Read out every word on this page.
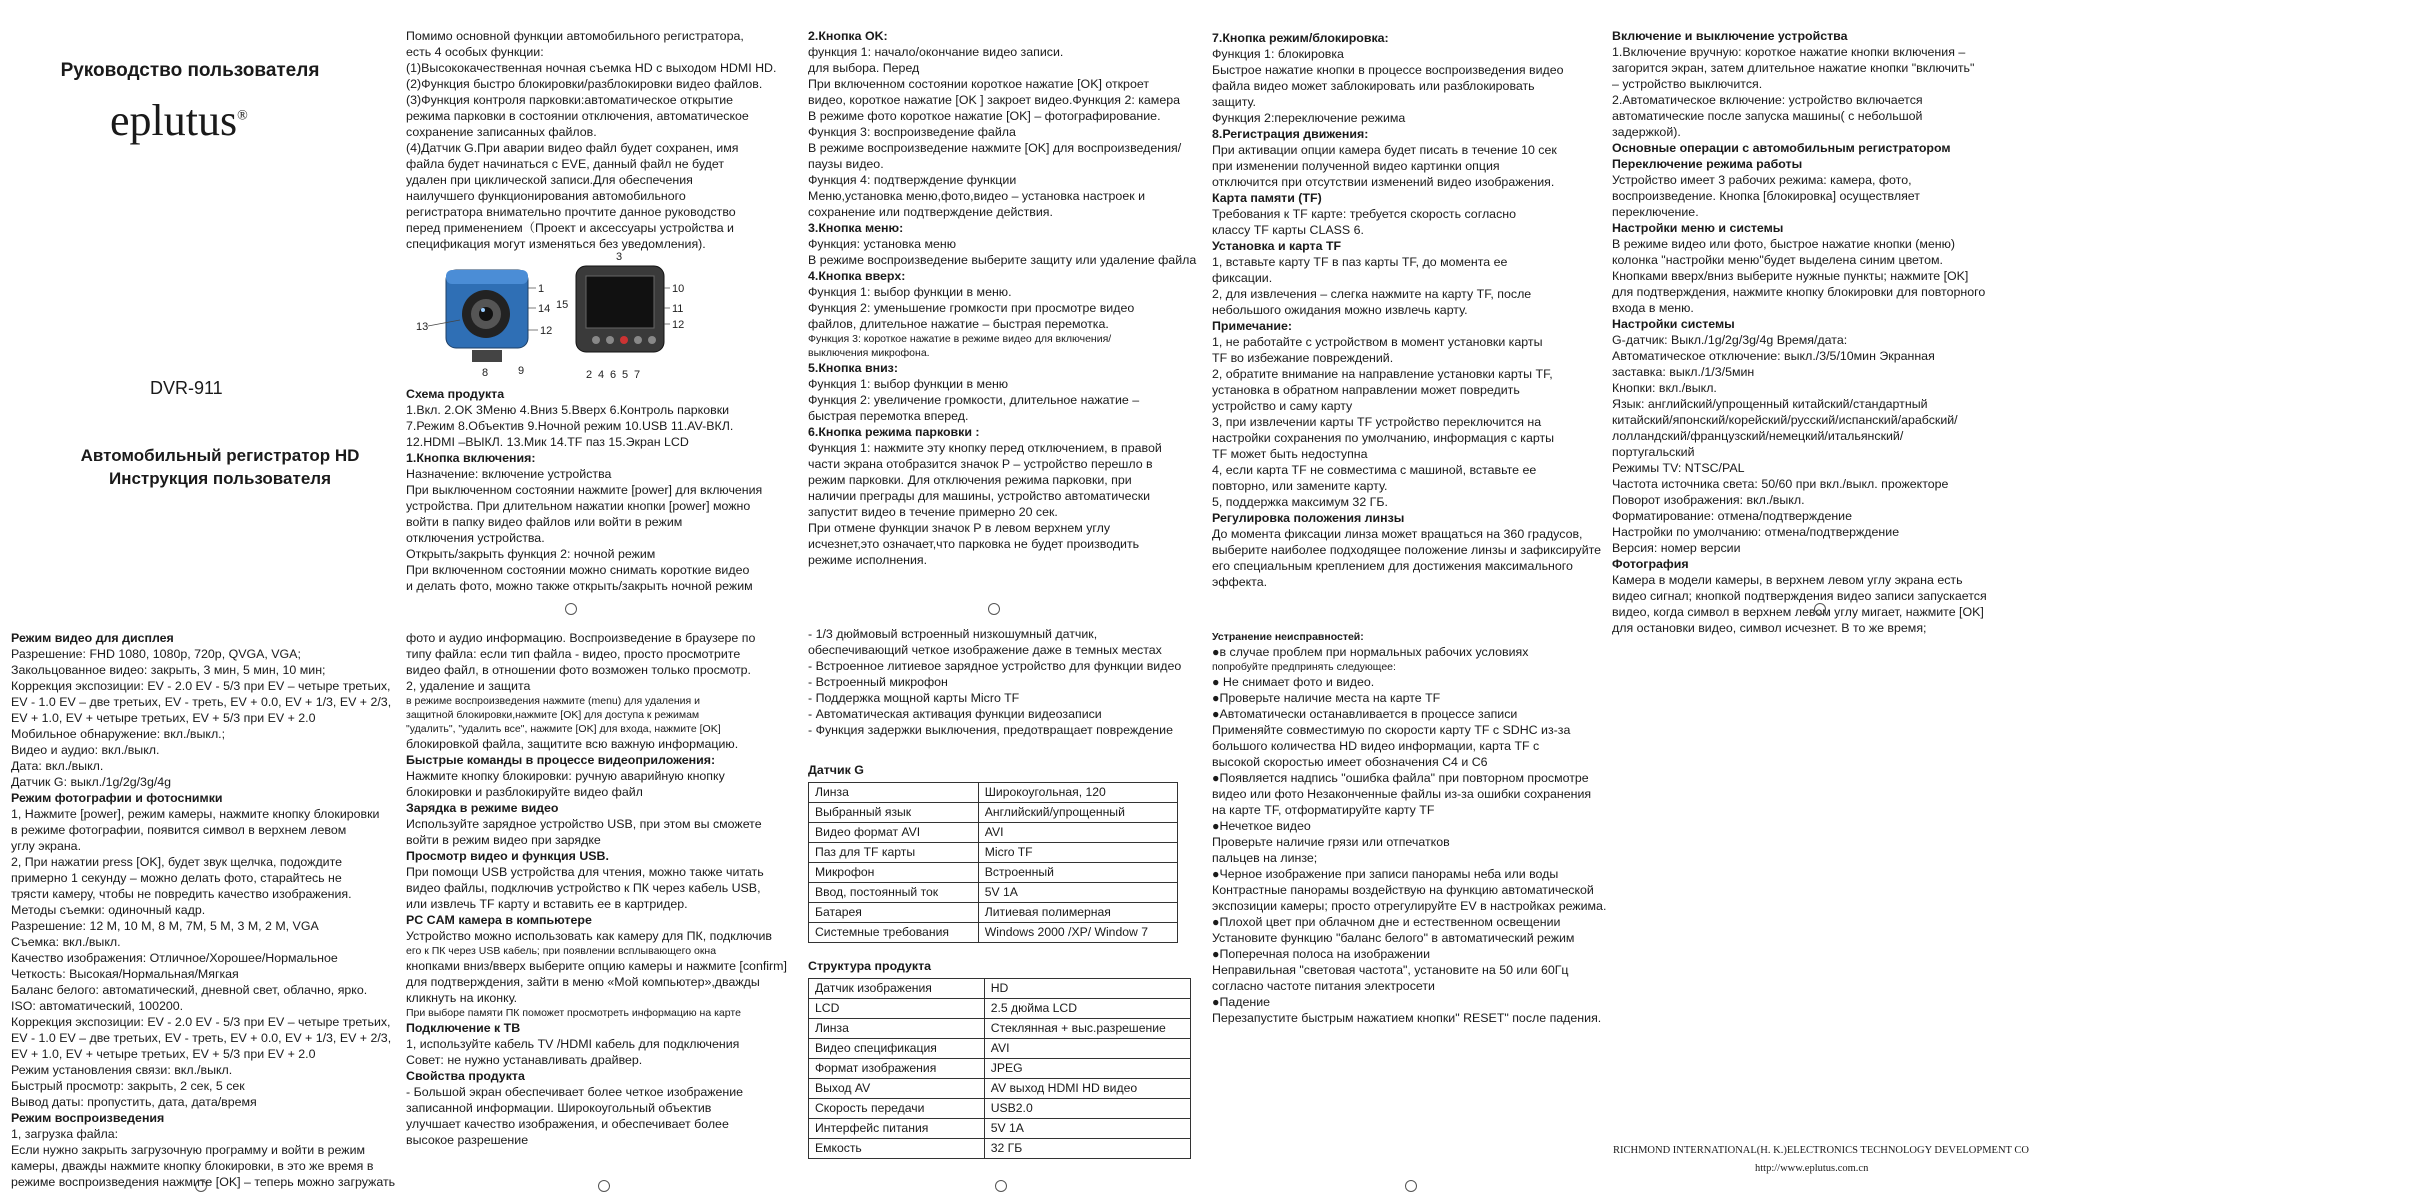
Руководство пользователя
eplutus®
DVR-911
Автомобильный регистратор HD
Инструкция пользователя

Помимо основной функции автомобильного регистратора,

есть 4 особых функции:

(1)Высококачественная ночная съемка HD с выходом HDMI HD.

(2)Функция быстро блокировки/разблокировки видео файлов.

(3)Функция контроля парковки:автоматическое открытие

режима парковки в состоянии отключения, автоматическое

сохранение записанных файлов.

(4)Датчик G.При аварии видео файл будет сохранен, имя

файла будет начинаться с EVE, данный файл не будет

удален при циклической записи.Для обеспечения

наилучшего функционирования автомобильного

регистратора внимательно прочтите данное руководство

перед применением（Проект и аксессуары устройства и

спецификация могут изменяться без уведомления).

1
14
13	12
15
8	9
10
11
12
2 4 6 5 7
3

Схема продукта

1.Вкл. 2.OK 3Меню 4.Вниз 5.Вверх 6.Контроль парковки

7.Режим 8.Объектив 9.Ночной режим 10.USB 11.AV-ВКЛ.

12.HDMI –ВЫКЛ. 13.Мик 14.TF паз 15.Экран LCD

1.Кнопка включения:

Назначение: включение устройства

При выключенном состоянии нажмите [power] для включения

устройства. При длительном нажатии кнопки [power] можно

войти в папку видео файлов или войти в режим

отключения устройства.

Открыть/закрыть функция 2: ночной режим

При включенном состоянии можно снимать короткие видео

и делать фото, можно также открыть/закрыть ночной режим

2.Кнопка OK:

функция 1: начало/окончание видео записи.

для выбора. Перед

При включенном состоянии короткое нажатие [OK] откроет

видео, короткое нажатие [OK ] закроет видео.Функция 2: камера

В режиме фото короткое нажатие [OK] – фотографирование.

Функция 3: воспроизведение файла

В режиме воспроизведение нажмите [OK] для воспроизведения/

паузы видео.

Функция 4: подтверждение функции

Меню,установка меню,фото,видео – установка настроек и

сохранение или подтверждение действия.

3.Кнопка меню:

Функция: установка меню

В режиме воспроизведение выберите защиту или удаление файла

4.Кнопка вверх:

Функция 1: выбор функции в меню.

Функция 2: уменьшение громкости при просмотре видео

файлов, длительное нажатие – быстрая перемотка.

Функция 3: короткое нажатие в режиме видео для включения/

выключения микрофона.

5.Кнопка вниз:

Функция 1: выбор функции в меню

Функция 2: увеличение громкости, длительное нажатие –

быстрая перемотка вперед.

6.Кнопка режима парковки :

Функция 1: нажмите эту кнопку перед отключением, в правой

части экрана отобразится значок P – устройство перешло в

режим парковки. Для отключения режима парковки, при

наличии преграды для машины, устройство автоматически

запустит видео в течение примерно 20 сек.

При отмене функции значок P в левом верхнем углу

исчезнет,это означает,что парковка не будет производить

режиме исполнения.

7.Кнопка режим/блокировка:

Функция 1: блокировка

Быстрое нажатие кнопки в процессе воспроизведения видео

файла видео может заблокировать или разблокировать

защиту.

Функция 2:переключение режима

8.Регистрация движения:

При активации опции камера будет писать в течение 10 сек

при изменении полученной видео картинки опция

отключится при отсутствии изменений видео изображения.

Карта памяти (TF)

Требования к TF карте: требуется скорость согласно

классу TF карты CLASS 6.

Установка и карта TF

1, вставьте карту TF в паз карты TF, до момента ее

фиксации.

2, для извлечения – слегка нажмите на карту TF, после

небольшого ожидания можно извлечь карту.

Примечание:

1, не работайте с устройством в момент установки карты

TF во избежание повреждений.

2, обратите внимание на направление установки карты TF,

установка в обратном направлении может повредить

устройство и саму карту

3, при извлечении карты TF устройство переключится на

настройки сохранения по умолчанию, информация с карты

TF может быть недоступна

4, если карта TF не совместима с машиной, вставьте ее

повторно, или замените карту.

5, поддержка максимум 32 ГБ.

Регулировка положения линзы

До момента фиксации линза может вращаться на 360 градусов,

выберите наиболее подходящее положение линзы и зафиксируйте

его специальным креплением для достижения максимального

эффекта.

Включение и выключение устройства

1.Включение вручную: короткое нажатие кнопки включения –

загорится экран, затем длительное нажатие кнопки "включить"

– устройство выключится.

2.Автоматическое включение: устройство включается

автоматические после запуска машины( с небольшой

задержкой).

Основные операции с автомобильным регистратором

Переключение режима работы

Устройство имеет 3 рабочих режима: камера, фото,

воспроизведение. Кнопка [блокировка] осуществляет

переключение.

Настройки меню и системы

В режиме видео или фото, быстрое нажатие кнопки (меню)

колонка "настройки меню"будет выделена синим цветом.

Кнопками вверх/вниз выберите нужные пункты; нажмите [OK]

для подтверждения, нажмите кнопку блокировки для повторного

входа в меню.

Настройки системы

G-датчик: Выкл./1g/2g/3g/4g Время/дата:

Автоматическое отключение: выкл./3/5/10мин Экранная

заставка: выкл./1/3/5мин

Кнопки: вкл./выкл.

Язык: английский/упрощенный китайский/стандартный

китайский/японский/корейский/русский/испанский/арабский/

лолландский/французский/немецкий/итальянский/

португальский

Режимы TV: NTSC/PAL

Частота источника света: 50/60 при вкл./выкл. прожекторе

Поворот изображения: вкл./выкл.

Форматирование: отмена/подтверждение

Настройки по умолчанию: отмена/подтверждение

Версия: номер версии

Фотография

Камера в модели камеры, в верхнем левом углу экрана есть

видео сигнал; кнопкой подтверждения видео записи запускается

видео, когда символ в верхнем левом углу мигает, нажмите [OK]

для остановки видео, символ исчезнет. В то же время;

Режим видео для дисплея

Разрешение: FHD 1080, 1080p, 720p, QVGA, VGA;

Закольцованное видео: закрыть, 3 мин, 5 мин, 10 мин;

Коррекция экспозиции: EV - 2.0 EV - 5/3 при EV – четыре третьих,

EV - 1.0 EV – две третьих, EV - треть, EV + 0.0, EV + 1/3, EV + 2/3,

EV + 1.0, EV + четыре третьих, EV + 5/3 при EV + 2.0

Мобильное обнаружение: вкл./выкл.;

Видео и аудио: вкл./выкл.

Дата: вкл./выкл.

Датчик G: выкл./1g/2g/3g/4g

Режим фотографии и фотоснимки

1, Нажмите [power], режим камеры, нажмите кнопку блокировки

в режиме фотографии, появится символ в верхнем левом

углу экрана.

2, При нажатии press [OK], будет звук щелчка, подождите

примерно 1 секунду – можно делать фото, старайтесь не

трясти камеру, чтобы не повредить качество изображения.

Методы съемки: одиночный кадр.

Разрешение: 12 M, 10 M, 8 M, 7M, 5 M, 3 M, 2 M, VGA

Съемка: вкл./выкл.

Качество изображения: Отличное/Хорошее/Нормальное

Четкость: Высокая/Нормальная/Мягкая

Баланс белого: автоматический, дневной свет, облачно, ярко.

ISO: автоматический, 100200.

Коррекция экспозиции: EV - 2.0 EV - 5/3 при EV – четыре третьих,

EV - 1.0 EV – две третьих, EV - треть, EV + 0.0, EV + 1/3, EV + 2/3,

EV + 1.0, EV + четыре третьих, EV + 5/3 при EV + 2.0

Режим установления связи: вкл./выкл.

Быстрый просмотр: закрыть, 2 сек, 5 сек

Вывод даты: пропустить, дата, дата/время

Режим воспроизведения

1, загрузка файла:

Если нужно закрыть загрузочную программу и войти в режим

камеры, дважды нажмите кнопку блокировки, в это же время в

режиме воспроизведения нажмите [OK] – теперь можно загружать

фото и аудио информацию. Воспроизведение в браузере по

типу файла: если тип файла - видео, просто просмотрите

видео файл, в отношении фото возможен только просмотр.

2, удаление и защита

в режиме воспроизведения нажмите (menu) для удаления и

защитной блокировки,нажмите [OK] для доступа к режимам

"удалить", "удалить все", нажмите [OK] для входа, нажмите [OK]

блокировкой файла, защитите всю важную информацию.

Быстрые команды в процессе видеоприложения:

Нажмите кнопку блокировки: ручную аварийную кнопку

блокировки и разблокируйте видео файл

Зарядка в режиме видео

Используйте зарядное устройство USB, при этом вы сможете

войти в режим видео при зарядке

Просмотр видео и функция USB.

При помощи USB устройства для чтения, можно также читать

видео файлы, подключив устройство к ПК через кабель USB,

или извлечь TF карту и вставить ее в картридер.

PC CAM камера в компьютере

Устройство можно использовать как камеру для ПК, подключив

его к ПК через USB кабель; при появлении всплывающего окна

кнопками вниз/вверх выберите опцию камеры и нажмите [confirm]

для подтверждения, зайти в меню «Мой компьютер»,дважды

кликнуть на иконку.

При выборе памяти ПК поможет просмотреть информацию на карте

Подключение к ТВ

1, используйте кабель TV /HDMI кабель для подключения

Совет: не нужно устанавливать драйвер.

Свойства продукта

- Большой экран обеспечивает более четкое изображение

записанной информации. Широкоугольный объектив

улучшает качество изображения, и обеспечивает более

высокое разрешение

- 1/3 дюймовый встроенный низкошумный датчик,

обеспечивающий четкое изображение даже в темных местах

- Встроенное литиевое зарядное устройство для функции видео

- Встроенный микрофон

- Поддержка мощной карты Micro TF

- Автоматическая активация функции видеозаписи

- Функция задержки выключения, предотвращает повреждение

Датчик G
Линза	Широкоугольная, 120
Выбранный язык	Английский/упрощенный
Видео формат AVI	AVI
Паз для TF карты	Micro TF
Микрофон	Встроенный
Ввод, постоянный ток	5V 1A
Батарея	Литиевая полимерная
Системные требования	Windows 2000 /XP/ Window 7
Структура продукта
Датчик изображения	HD
LCD	2.5 дюйма LCD
Линза	Стеклянная + выс.разрешение
Видео спецификация	AVI
Формат изображения	JPEG
Выход AV	AV выход HDMI HD видео
Скорость передачи	USB2.0
Интерфейс питания	5V 1A
Емкость	32 ГБ

Устранение неисправностей:

●в случае проблем при нормальных рабочих условиях

попробуйте предпринять следующее:

● Не снимает фото и видео.

●Проверьте наличие места на карте TF

●Автоматически останавливается в процессе записи

Применяйте совместимую по скорости карту TF с SDHC из-за

большого количества HD видео информации, карта TF с

высокой скоростью имеет обозначения C4 и C6

●Появляется надпись "ошибка файла" при повторном просмотре

видео или фото Незаконченные файлы из-за ошибки сохранения

на карте TF, отформатируйте карту TF

●Нечеткое видео

Проверьте наличие грязи или отпечатков

пальцев на линзе;

●Черное изображение при записи панорамы неба или воды

Контрастные панорамы воздействую на функцию автоматической

экспозиции камеры; просто отрегулируйте EV в настройках режима.

●Плохой цвет при облачном дне и естественном освещении

Установите функцию "баланс белого" в автоматический режим

●Поперечная полоса на изображении

Неправильная "световая частота", установите на 50 или 60Гц

согласно частоте питания электросети

●Падение

Перезапустите быстрым нажатием кнопки" RESET" после падения.

RICHMOND INTERNATIONAL(H. K.)ELECTRONICS TECHNOLOGY DEVELOPMENT CO
http://www.eplutus.com.cn
